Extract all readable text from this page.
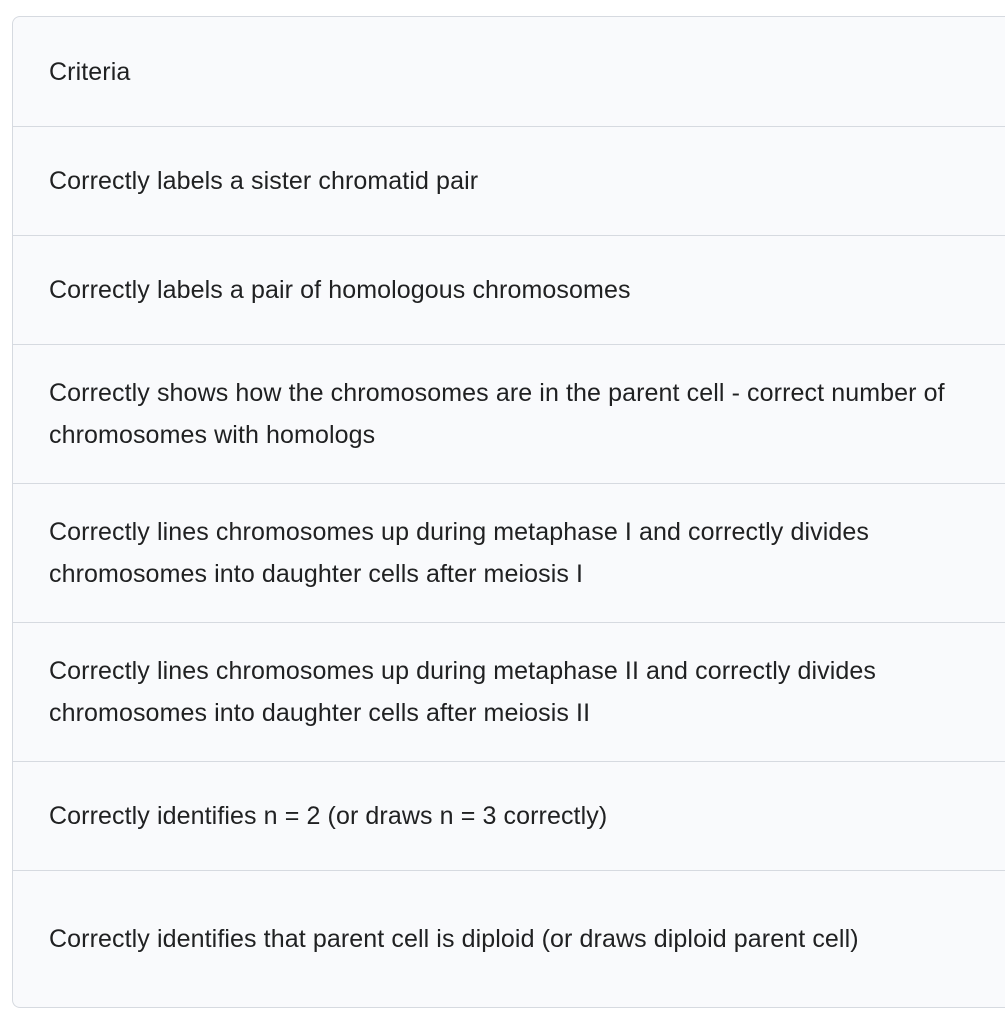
Criteria
Correctly labels a sister chromatid pair
Correctly labels a pair of homologous chromosomes
Correctly shows how the chromosomes are in the parent cell - correct number of chromosomes with homologs
Correctly lines chromosomes up during metaphase I and correctly divides chromosomes into daughter cells after meiosis I
Correctly lines chromosomes up during metaphase II and correctly divides chromosomes into daughter cells after meiosis II
Correctly identifies n = 2 (or draws n = 3 correctly)
Correctly identifies that parent cell is diploid (or draws diploid parent cell)
